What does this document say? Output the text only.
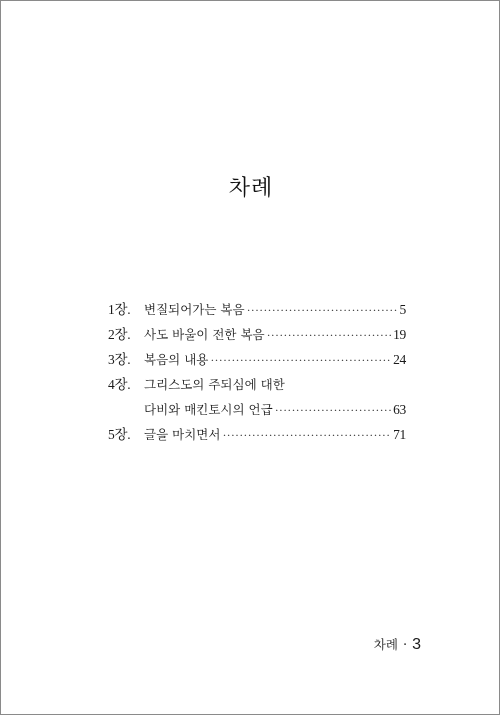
차례
1장.	변질되어가는 복음 ·····	5
2장.	사도 바울이 전한 복음 ·····	19
3장.	복음의 내용 ·····	24
4장.	그리스도의 주되심에 대한
다비와 매킨토시의 언급 ·····	63
5장.	글을 마치면서 ·····	71
차례 · 3
